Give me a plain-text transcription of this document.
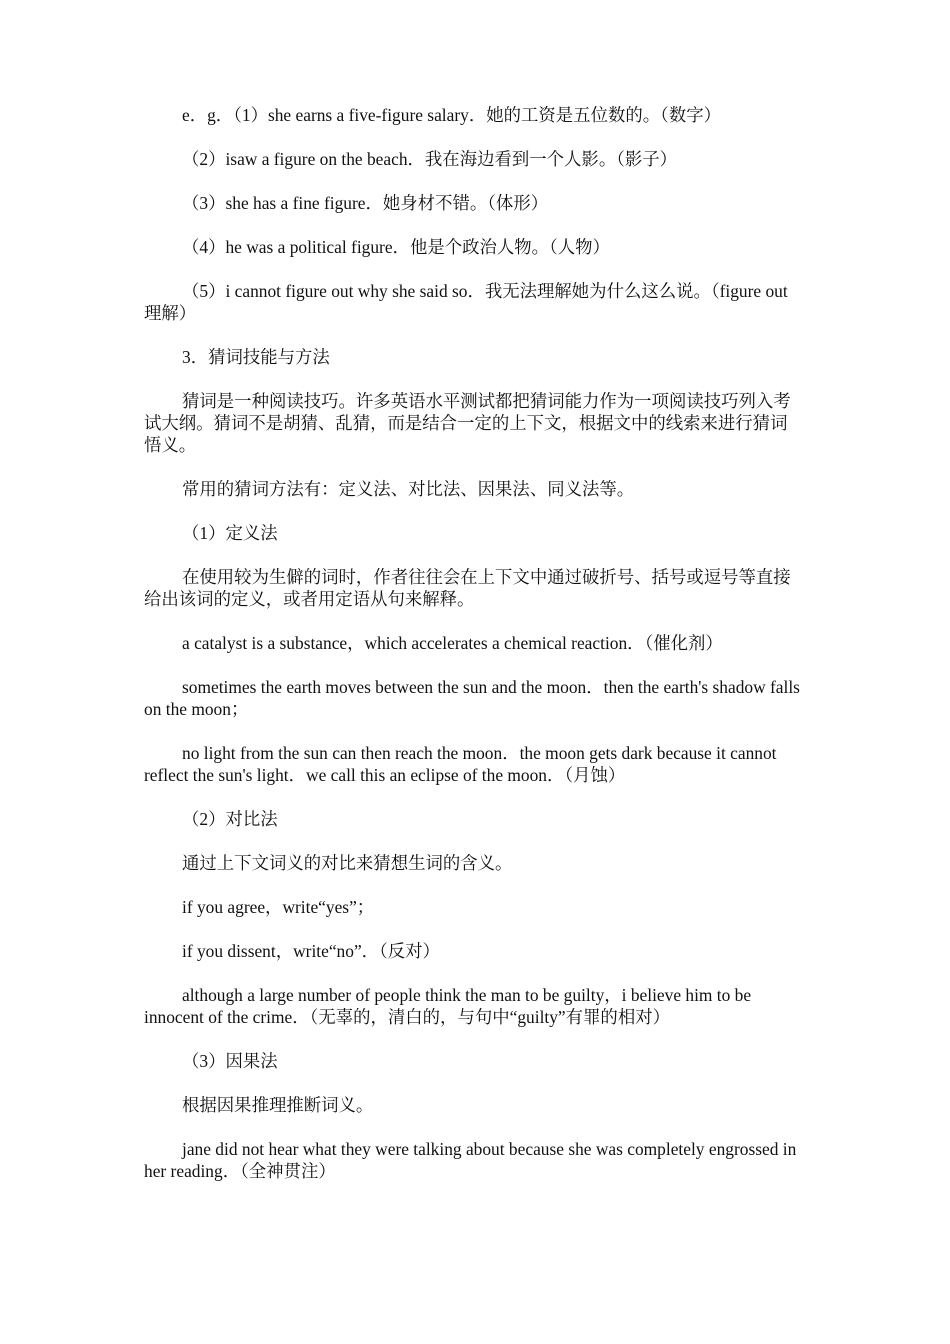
e．g．（1）she earns a five-figure salary．她的工资是五位数的。（数字）

（2）isaw a figure on the beach．我在海边看到一个人影。（影子）

（3）she has a fine figure．她身材不错。（体形）

（4）he was a political figure．他是个政治人物。（人物）

（5）i cannot figure out why she said so．我无法理解她为什么这么说。（figure out 理解）

3．猜词技能与方法

猜词是一种阅读技巧。许多英语水平测试都把猜词能力作为一项阅读技巧列入考试大纲。猜词不是胡猜、乱猜，而是结合一定的上下文，根据文中的线索来进行猜词悟义。

常用的猜词方法有：定义法、对比法、因果法、同义法等。

（1）定义法

在使用较为生僻的词时，作者往往会在上下文中通过破折号、括号或逗号等直接给出该词的定义，或者用定语从句来解释。

a catalyst is a substance，which accelerates a chemical reaction．（催化剂）

sometimes the earth moves between the sun and the moon．then the earth's shadow falls on the moon；

no light from the sun can then reach the moon．the moon gets dark because it cannot reflect the sun's light．we call this an eclipse of the moon．（月蚀）

（2）对比法

通过上下文词义的对比来猜想生词的含义。

if you agree，write“yes”；

if you dissent，write“no”．（反对）

although a large number of people think the man to be guilty，i believe him to be innocent of the crime．（无辜的，清白的，与句中“guilty”有罪的相对）

（3）因果法

根据因果推理推断词义。

jane did not hear what they were talking about because she was completely engrossed in her reading．（全神贯注）
